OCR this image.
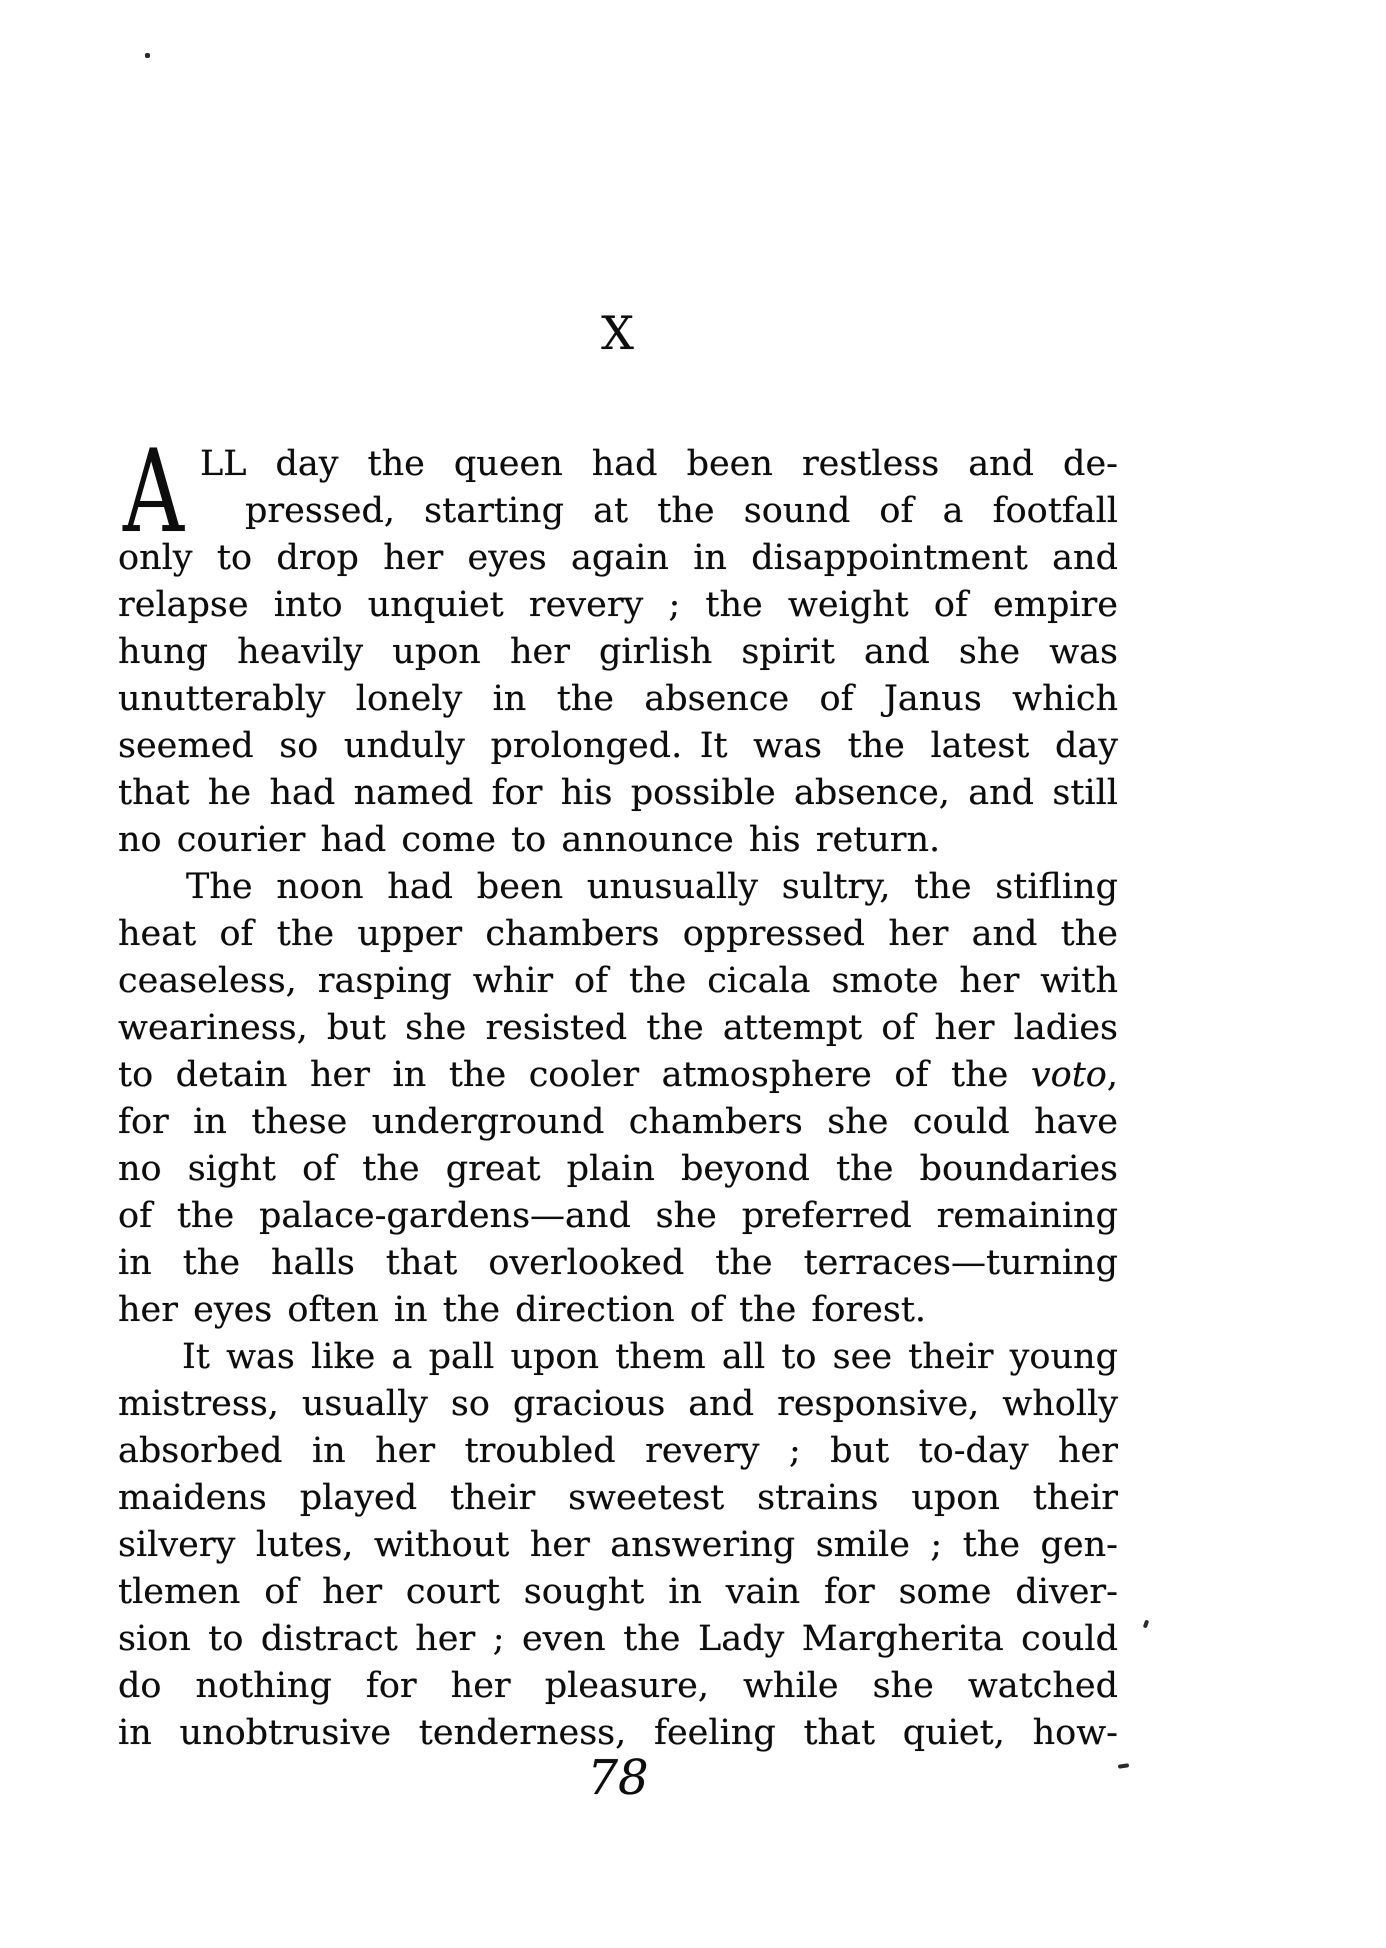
X
A LL day the queen had been restless and de-
pressed, starting at the sound of a footfall
only to drop her eyes again in disappointment and
relapse into unquiet revery ; the weight of empire
hung heavily upon her girlish spirit and she was
unutterably lonely in the absence of Janus which
seemed so unduly prolonged. It was the latest day
that he had named for his possible absence, and still
no courier had come to announce his return.
The noon had been unusually sultry, the stifling
heat of the upper chambers oppressed her and the
ceaseless, rasping whir of the cicala smote her with
weariness, but she resisted the attempt of her ladies
to detain her in the cooler atmosphere of the voto,
for in these underground chambers she could have
no sight of the great plain beyond the boundaries
of the palace-gardens—and she preferred remaining
in the halls that overlooked the terraces—turning
her eyes often in the direction of the forest.
It was like a pall upon them all to see their young
mistress, usually so gracious and responsive, wholly
absorbed in her troubled revery ; but to-day her
maidens played their sweetest strains upon their
silvery lutes, without her answering smile ; the gen-
tlemen of her court sought in vain for some diver-
sion to distract her ; even the Lady Margherita could
do nothing for her pleasure, while she watched
in unobtrusive tenderness, feeling that quiet, how-
78
